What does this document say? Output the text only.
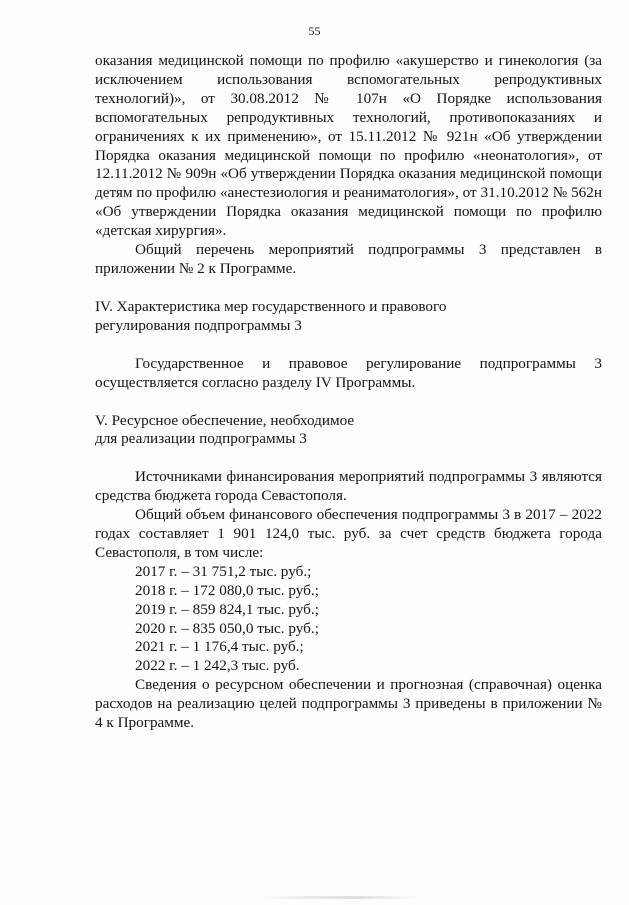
55

оказания медицинской помощи по профилю «акушерство и гинекология (за исключением использования вспомогательных репродуктивных технологий)», от 30.08.2012 № 107н «О Порядке использования вспомогательных репродуктивных технологий, противопоказаниях и ограничениях к их применению», от 15.11.2012 № 921н «Об утверждении Порядка оказания медицинской помощи по профилю «неонатология», от 12.11.2012 № 909н «Об утверждении Порядка оказания медицинской помощи детям по профилю «анестезиология и реаниматология», от 31.10.2012 № 562н «Об утверждении Порядка оказания медицинской помощи по профилю «детская хирургия».

Общий перечень мероприятий подпрограммы 3 представлен в приложении № 2 к Программе.

IV. Характеристика мер государственного и правового

регулирования подпрограммы 3

Государственное и правовое регулирование подпрограммы 3 осуществляется согласно разделу IV Программы.

V. Ресурсное обеспечение, необходимое

для реализации подпрограммы 3

Источниками финансирования мероприятий подпрограммы 3 являются средства бюджета города Севастополя.

Общий объем финансового обеспечения подпрограммы 3 в 2017 – 2022 годах составляет 1 901 124,0 тыс. руб. за счет средств бюджета города Севастополя, в том числе:

2017 г. – 31 751,2 тыс. руб.;

2018 г. – 172 080,0 тыс. руб.;

2019 г. – 859 824,1 тыс. руб.;

2020 г. – 835 050,0 тыс. руб.;

2021 г. – 1 176,4 тыс. руб.;

2022 г. – 1 242,3 тыс. руб.

Сведения о ресурсном обеспечении и прогнозная (справочная) оценка расходов на реализацию целей подпрограммы 3 приведены в приложении № 4 к Программе.
